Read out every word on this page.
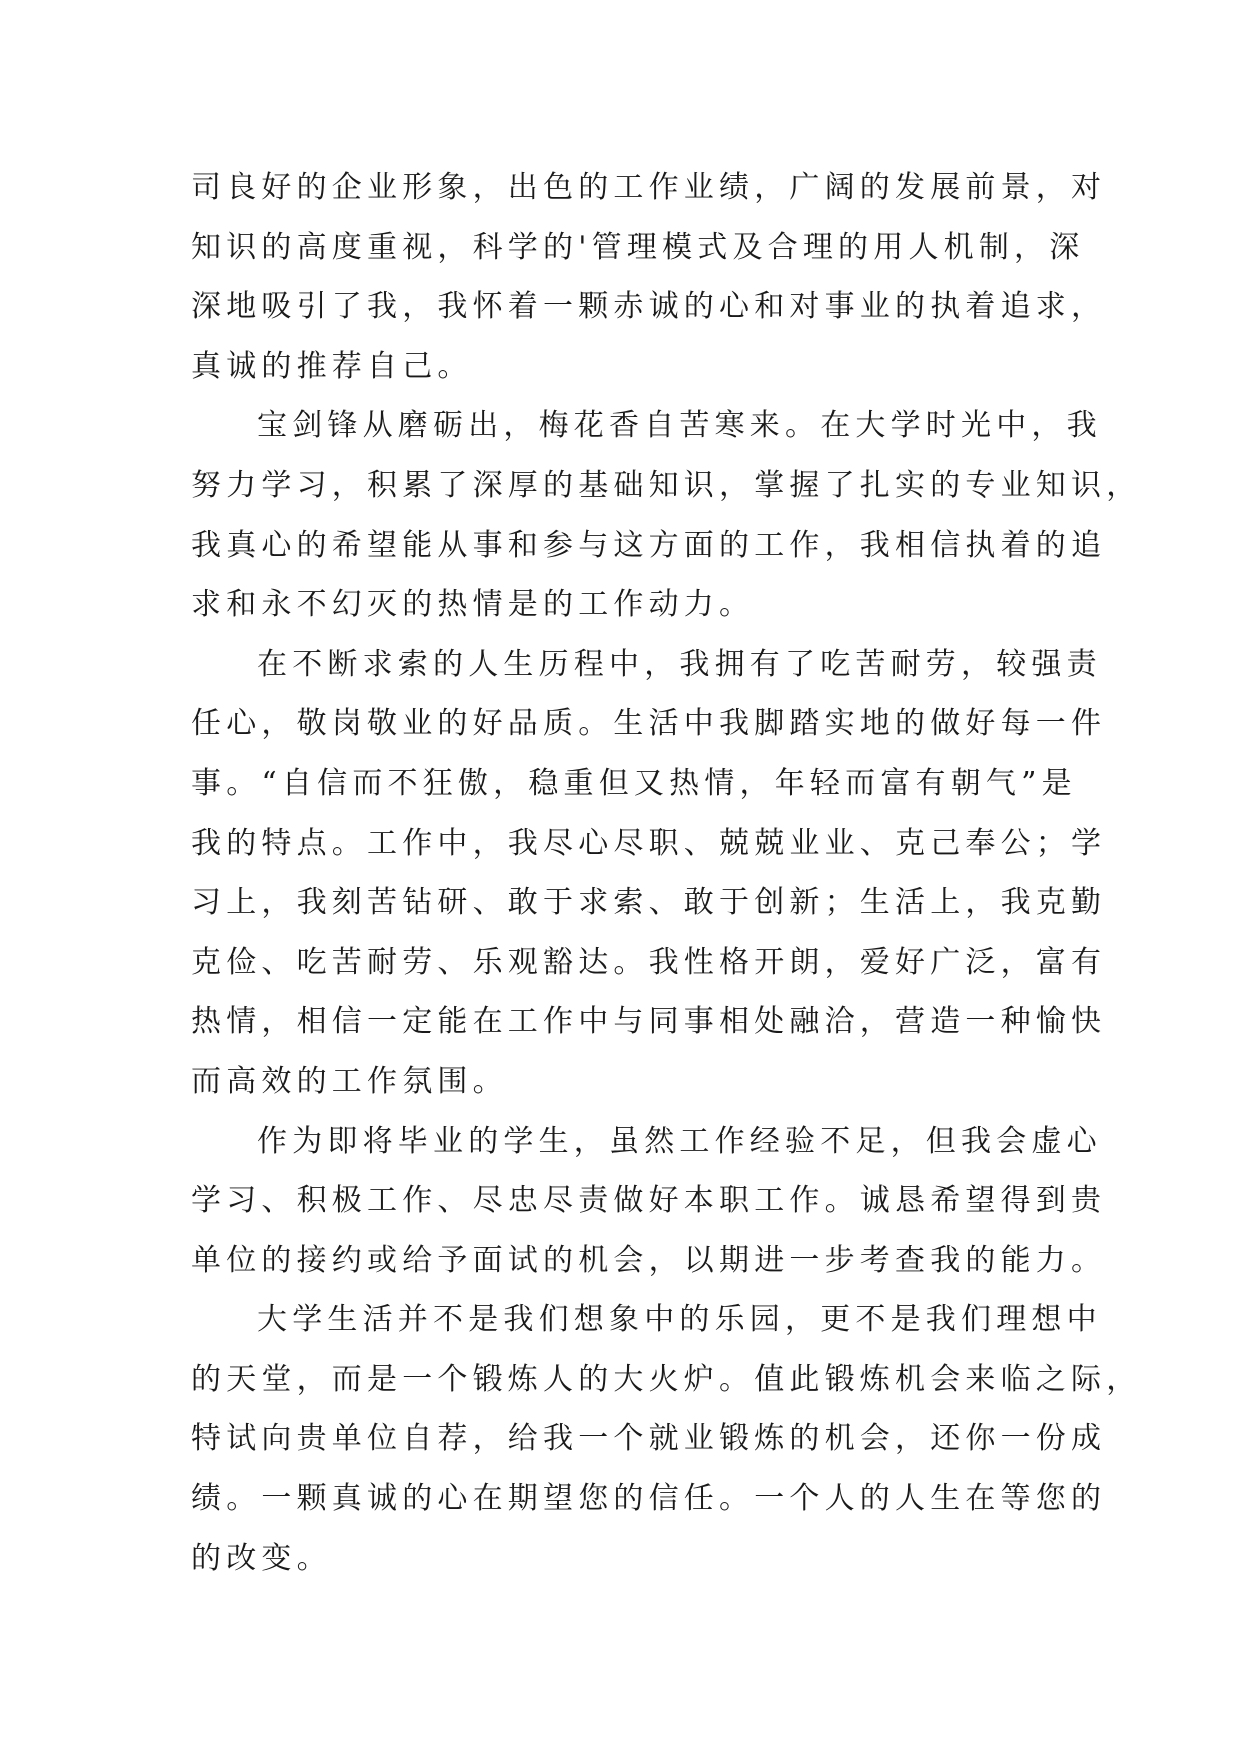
司良好的企业形象，出色的工作业绩，广阔的发展前景，对
知识的高度重视，科学的'管理模式及合理的用人机制，深
深地吸引了我，我怀着一颗赤诚的心和对事业的执着追求，
真诚的推荐自己。
宝剑锋从磨砺出，梅花香自苦寒来。在大学时光中，我
努力学习，积累了深厚的基础知识，掌握了扎实的专业知识，
我真心的希望能从事和参与这方面的工作，我相信执着的追
求和永不幻灭的热情是的工作动力。
在不断求索的人生历程中，我拥有了吃苦耐劳，较强责
任心，敬岗敬业的好品质。生活中我脚踏实地的做好每一件
事。“自信而不狂傲，稳重但又热情，年轻而富有朝气”是
我的特点。工作中，我尽心尽职、兢兢业业、克己奉公；学
习上，我刻苦钻研、敢于求索、敢于创新；生活上，我克勤
克俭、吃苦耐劳、乐观豁达。我性格开朗，爱好广泛，富有
热情，相信一定能在工作中与同事相处融洽，营造一种愉快
而高效的工作氛围。
作为即将毕业的学生，虽然工作经验不足，但我会虚心
学习、积极工作、尽忠尽责做好本职工作。诚恳希望得到贵
单位的接约或给予面试的机会，以期进一步考查我的能力。
大学生活并不是我们想象中的乐园，更不是我们理想中
的天堂，而是一个锻炼人的大火炉。值此锻炼机会来临之际，
特试向贵单位自荐，给我一个就业锻炼的机会，还你一份成
绩。一颗真诚的心在期望您的信任。一个人的人生在等您的
的改变。
